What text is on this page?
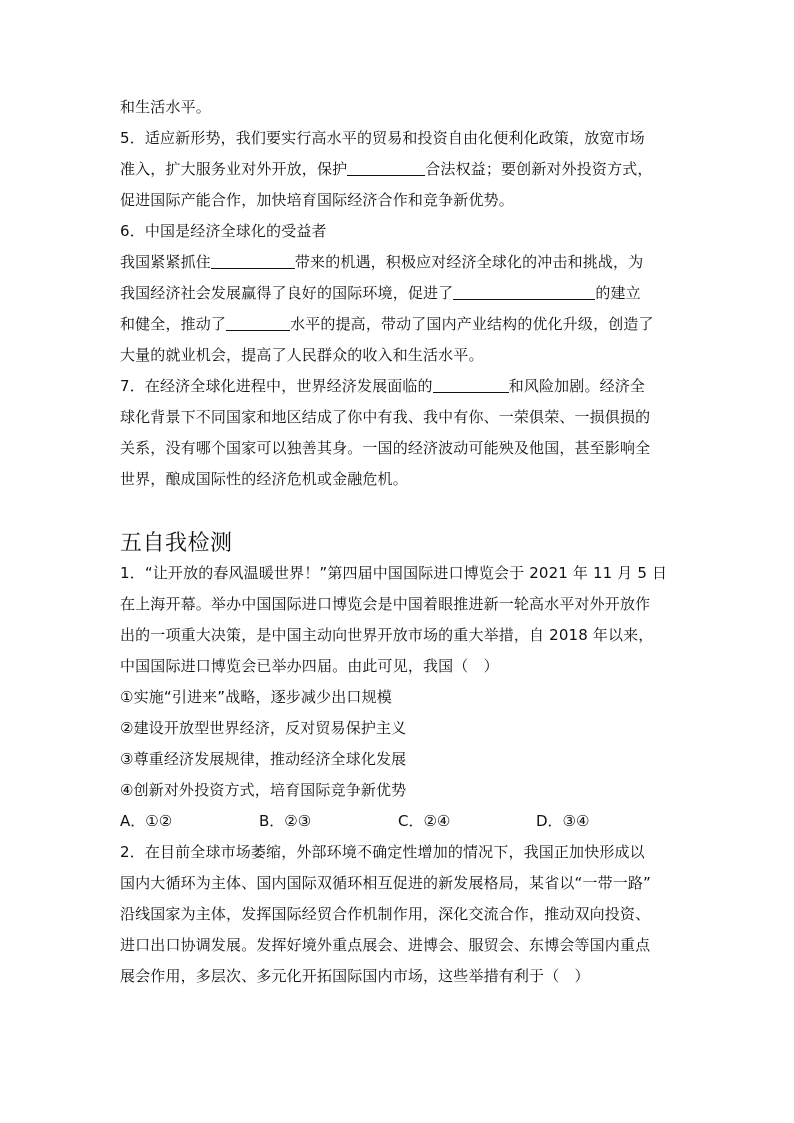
和生活水平。
5．适应新形势，我们要实行高水平的贸易和投资自由化便利化政策，放宽市场
准入，扩大服务业对外开放，保护	合法权益；要创新对外投资方式，
促进国际产能合作，加快培育国际经济合作和竞争新优势。
6．中国是经济全球化的受益者
我国紧紧抓住	带来的机遇，积极应对经济全球化的冲击和挑战，为
我国经济社会发展赢得了良好的国际环境，促进了	的建立
和健全，推动了	水平的提高，带动了国内产业结构的优化升级，创造了
大量的就业机会，提高了人民群众的收入和生活水平。
7．在经济全球化进程中，世界经济发展面临的	和风险加剧。经济全
球化背景下不同国家和地区结成了你中有我、我中有你、一荣俱荣、一损俱损的
关系，没有哪个国家可以独善其身。一国的经济波动可能殃及他国，甚至影响全
世界，酿成国际性的经济危机或金融危机。
五自我检测
1．“让开放的春风温暖世界！”第四届中国国际进口博览会于 2021 年 11 月 5 日
在上海开幕。举办中国国际进口博览会是中国着眼推进新一轮高水平对外开放作
出的一项重大决策，是中国主动向世界开放市场的重大举措，自 2018 年以来，
中国国际进口博览会已举办四届。由此可见，我国（　）
①实施“引进来”战略，逐步减少出口规模
②建设开放型世界经济，反对贸易保护主义
③尊重经济发展规律，推动经济全球化发展
④创新对外投资方式，培育国际竞争新优势
A．①②	B．②③	C．②④	D．③④
2．在目前全球市场萎缩，外部环境不确定性增加的情况下，我国正加快形成以
国内大循环为主体、国内国际双循环相互促进的新发展格局，某省以“一带一路”
沿线国家为主体，发挥国际经贸合作机制作用，深化交流合作，推动双向投资、
进口出口协调发展。发挥好境外重点展会、进博会、服贸会、东博会等国内重点
展会作用，多层次、多元化开拓国际国内市场，这些举措有利于（　）
